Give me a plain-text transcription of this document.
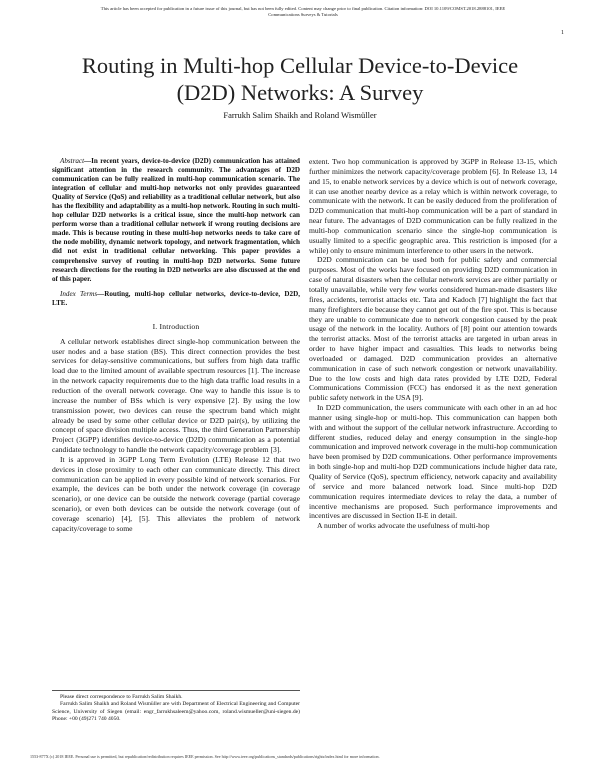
This article has been accepted for publication in a future issue of this journal, but has not been fully edited. Content may change prior to final publication. Citation information: DOI 10.1109/COMST.2018.2888101, IEEE
Communications Surveys & Tutorials
1
Routing in Multi-hop Cellular Device-to-Device
(D2D) Networks: A Survey
Farrukh Salim Shaikh and Roland Wismüller

Abstract—In recent years, device-to-device (D2D) communication has attained significant attention in the research community. The advantages of D2D communication can be fully realized in multi-hop communication scenario. The integration of cellular and multi-hop networks not only provides guaranteed Quality of Service (QoS) and reliability as a traditional cellular network, but also has the flexibility and adaptability as a multi-hop network. Routing in such multi-hop cellular D2D networks is a critical issue, since the multi-hop network can perform worse than a traditional cellular network if wrong routing decisions are made. This is because routing in these multi-hop networks needs to take care of the node mobility, dynamic network topology, and network fragmentation, which did not exist in traditional cellular networking. This paper provides a comprehensive survey of routing in multi-hop D2D networks. Some future research directions for the routing in D2D networks are also discussed at the end of this paper.

Index Terms—Routing, multi-hop cellular networks, device-to-device, D2D, LTE.

I. Introduction

A cellular network establishes direct single-hop communication between the user nodes and a base station (BS). This direct connection provides the best services for delay-sensitive communications, but suffers from high data traffic load due to the limited amount of available spectrum resources [1]. The increase in the network capacity requirements due to the high data traffic load results in a reduction of the overall network coverage. One way to handle this issue is to increase the number of BSs which is very expensive [2]. By using the low transmission power, two devices can reuse the spectrum band which might already be used by some other cellular device or D2D pair(s), by utilizing the concept of space division multiple access. Thus, the third Generation Partnership Project (3GPP) identifies device-to-device (D2D) communication as a potential candidate technology to handle the network capacity/coverage problem [3].

It is approved in 3GPP Long Term Evolution (LTE) Release 12 that two devices in close proximity to each other can communicate directly. This direct communication can be applied in every possible kind of network scenarios. For example, the devices can be both under the network coverage (in coverage scenario), or one device can be outside the network coverage (partial coverage scenario), or even both devices can be outside the network coverage (out of coverage scenario) [4], [5]. This alleviates the problem of network capacity/coverage to some

extent. Two hop communication is approved by 3GPP in Release 13-15, which further minimizes the network capacity/coverage problem [6]. In Release 13, 14 and 15, to enable network services by a device which is out of network coverage, it can use another nearby device as a relay which is within network coverage, to communicate with the network. It can be easily deduced from the proliferation of D2D communication that multi-hop communication will be a part of standard in near future. The advantages of D2D communication can be fully realized in the multi-hop communication scenario since the single-hop communication is usually limited to a specific geographic area. This restriction is imposed (for a while) only to ensure minimum interference to other users in the network.

D2D communication can be used both for public safety and commercial purposes. Most of the works have focused on providing D2D communication in case of natural disasters when the cellular network services are either partially or totally unavailable, while very few works considered human-made disasters like fires, accidents, terrorist attacks etc. Tata and Kadoch [7] highlight the fact that many firefighters die because they cannot get out of the fire spot. This is because they are unable to communicate due to network congestion caused by the peak usage of the network in the locality. Authors of [8] point our attention towards the terrorist attacks. Most of the terrorist attacks are targeted in urban areas in order to have higher impact and casualties. This leads to networks being overloaded or damaged. D2D communication provides an alternative communication in case of such network congestion or network unavailability. Due to the low costs and high data rates provided by LTE D2D, Federal Communications Commission (FCC) has endorsed it as the next generation public safety network in the USA [9].

In D2D communication, the users communicate with each other in an ad hoc manner using single-hop or multi-hop. This communication can happen both with and without the support of the cellular network infrastructure. According to different studies, reduced delay and energy consumption in the single-hop communication and improved network coverage in the multi-hop communication have been promised by D2D communications. Other performance improvements in both single-hop and multi-hop D2D communications include higher data rate, Quality of Service (QoS), spectrum efficiency, network capacity and availability of service and more balanced network load. Since multi-hop D2D communication requires intermediate devices to relay the data, a number of incentive mechanisms are proposed. Such performance improvements and incentives are discussed in Section II-E in detail.

A number of works advocate the usefulness of multi-hop

Please direct correspondence to Farrukh Salim Shaikh.

Farrukh Salim Shaikh and Roland Wismüller are with Department of Electrical Engineering and Computer Science, University of Siegen (email: engr_farrukhsaleem@yahoo.com, roland.wismueller@uni-siegen.de) Phone: +00 (49)271 740 4050.

1553-877X (c) 2018 IEEE. Personal use is permitted, but republication/redistribution requires IEEE permission. See http://www.ieee.org/publications_standards/publications/rights/index.html for more information.
